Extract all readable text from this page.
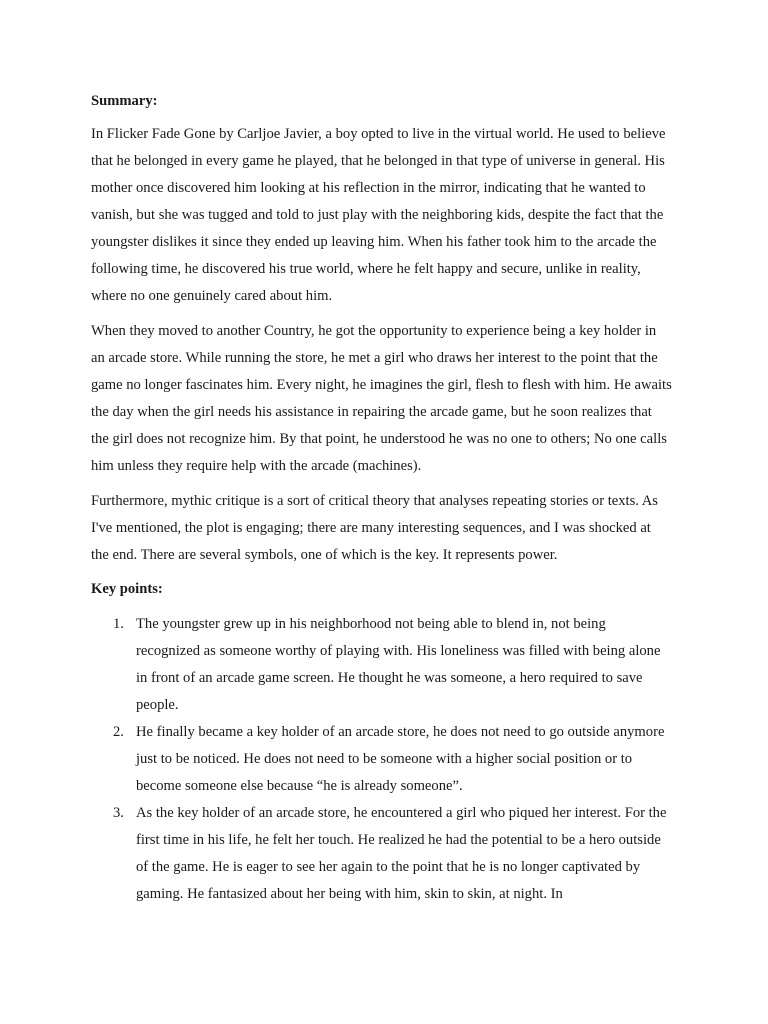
Summary:

In Flicker Fade Gone by Carljoe Javier, a boy opted to live in the virtual world. He used to believe that he belonged in every game he played, that he belonged in that type of universe in general. His mother once discovered him looking at his reflection in the mirror, indicating that he wanted to vanish, but she was tugged and told to just play with the neighboring kids, despite the fact that the youngster dislikes it since they ended up leaving him. When his father took him to the arcade the following time, he discovered his true world, where he felt happy and secure, unlike in reality, where no one genuinely cared about him.

When they moved to another Country, he got the opportunity to experience being a key holder in an arcade store. While running the store, he met a girl who draws her interest to the point that the game no longer fascinates him. Every night, he imagines the girl, flesh to flesh with him. He awaits the day when the girl needs his assistance in repairing the arcade game, but he soon realizes that the girl does not recognize him. By that point, he understood he was no one to others; No one calls him unless they require help with the arcade (machines).

Furthermore, mythic critique is a sort of critical theory that analyses repeating stories or texts. As I've mentioned, the plot is engaging; there are many interesting sequences, and I was shocked at the end. There are several symbols, one of which is the key. It represents power.

Key points:
1. The youngster grew up in his neighborhood not being able to blend in, not being recognized as someone worthy of playing with. His loneliness was filled with being alone in front of an arcade game screen. He thought he was someone, a hero required to save people.
2. He finally became a key holder of an arcade store, he does not need to go outside anymore just to be noticed. He does not need to be someone with a higher social position or to become someone else because “he is already someone”.
3. As the key holder of an arcade store, he encountered a girl who piqued her interest. For the first time in his life, he felt her touch. He realized he had the potential to be a hero outside of the game. He is eager to see her again to the point that he is no longer captivated by gaming. He fantasized about her being with him, skin to skin, at night. In
